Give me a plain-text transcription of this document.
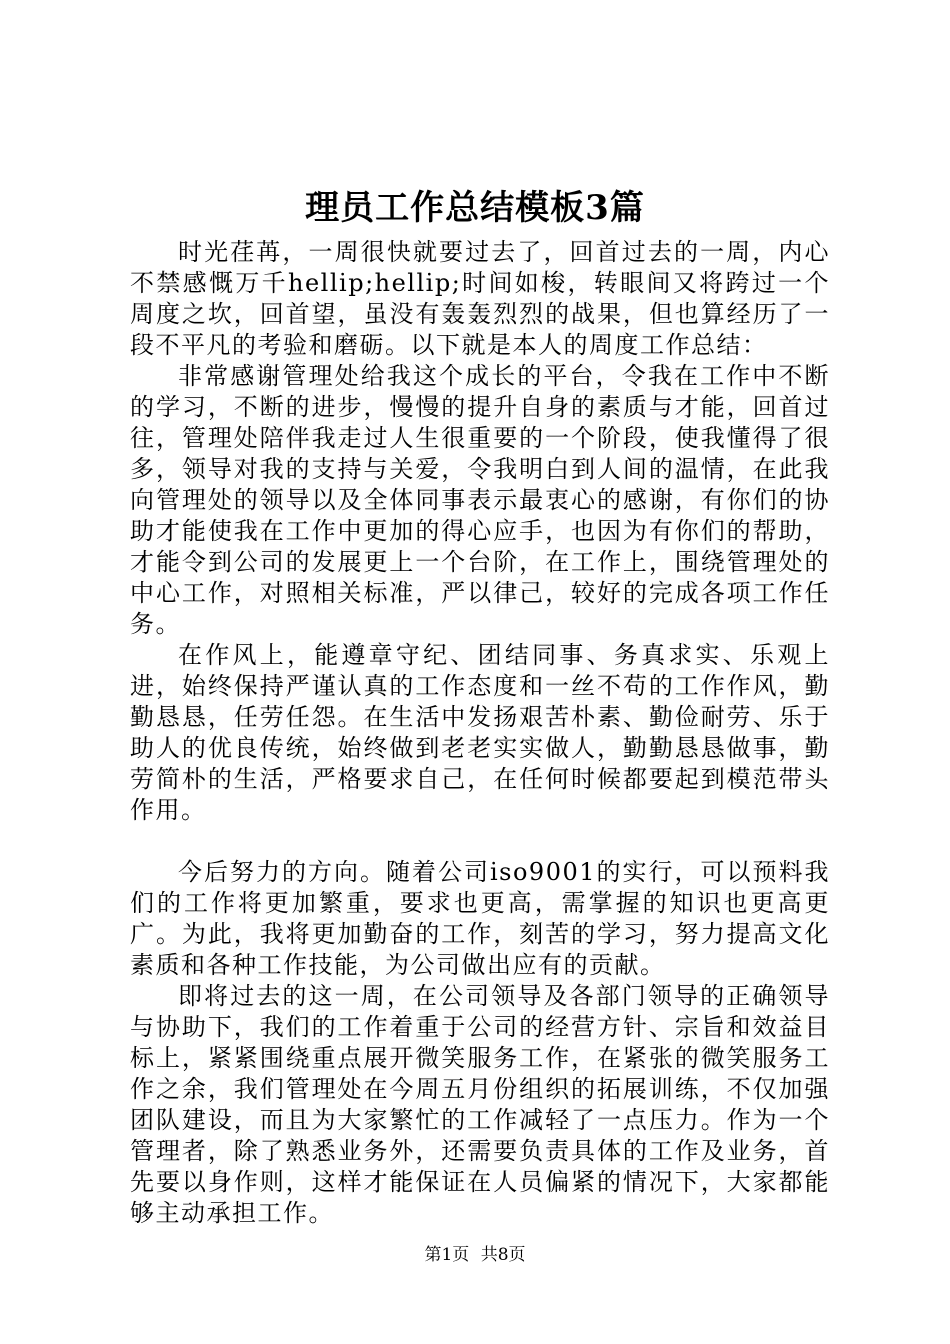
理员工作总结模板3篇

时光荏苒，一周很快就要过去了，回首过去的一周，内心不禁感慨万千hellip;hellip;时间如梭，转眼间又将跨过一个周度之坎，回首望，虽没有轰轰烈烈的战果，但也算经历了一段不平凡的考验和磨砺。以下就是本人的周度工作总结：

非常感谢管理处给我这个成长的平台，令我在工作中不断的学习，不断的进步，慢慢的提升自身的素质与才能，回首过往，管理处陪伴我走过人生很重要的一个阶段，使我懂得了很多，领导对我的支持与关爱，令我明白到人间的温情，在此我向管理处的领导以及全体同事表示最衷心的感谢，有你们的协助才能使我在工作中更加的得心应手，也因为有你们的帮助，才能令到公司的发展更上一个台阶，在工作上，围绕管理处的中心工作，对照相关标准，严以律己，较好的完成各项工作任务。

在作风上，能遵章守纪、团结同事、务真求实、乐观上进，始终保持严谨认真的工作态度和一丝不苟的工作作风，勤勤恳恳，任劳任怨。在生活中发扬艰苦朴素、勤俭耐劳、乐于助人的优良传统，始终做到老老实实做人，勤勤恳恳做事，勤劳简朴的生活，严格要求自己，在任何时候都要起到模范带头作用。

今后努力的方向。随着公司iso9001的实行，可以预料我们的工作将更加繁重，要求也更高，需掌握的知识也更高更广。为此，我将更加勤奋的工作，刻苦的学习，努力提高文化素质和各种工作技能，为公司做出应有的贡献。

即将过去的这一周，在公司领导及各部门领导的正确领导与协助下，我们的工作着重于公司的经营方针、宗旨和效益目标上，紧紧围绕重点展开微笑服务工作，在紧张的微笑服务工作之余，我们管理处在今周五月份组织的拓展训练，不仅加强团队建设，而且为大家繁忙的工作减轻了一点压力。作为一个管理者，除了熟悉业务外，还需要负责具体的工作及业务，首先要以身作则，这样才能保证在人员偏紧的情况下，大家都能够主动承担工作。

第1页 共8页
